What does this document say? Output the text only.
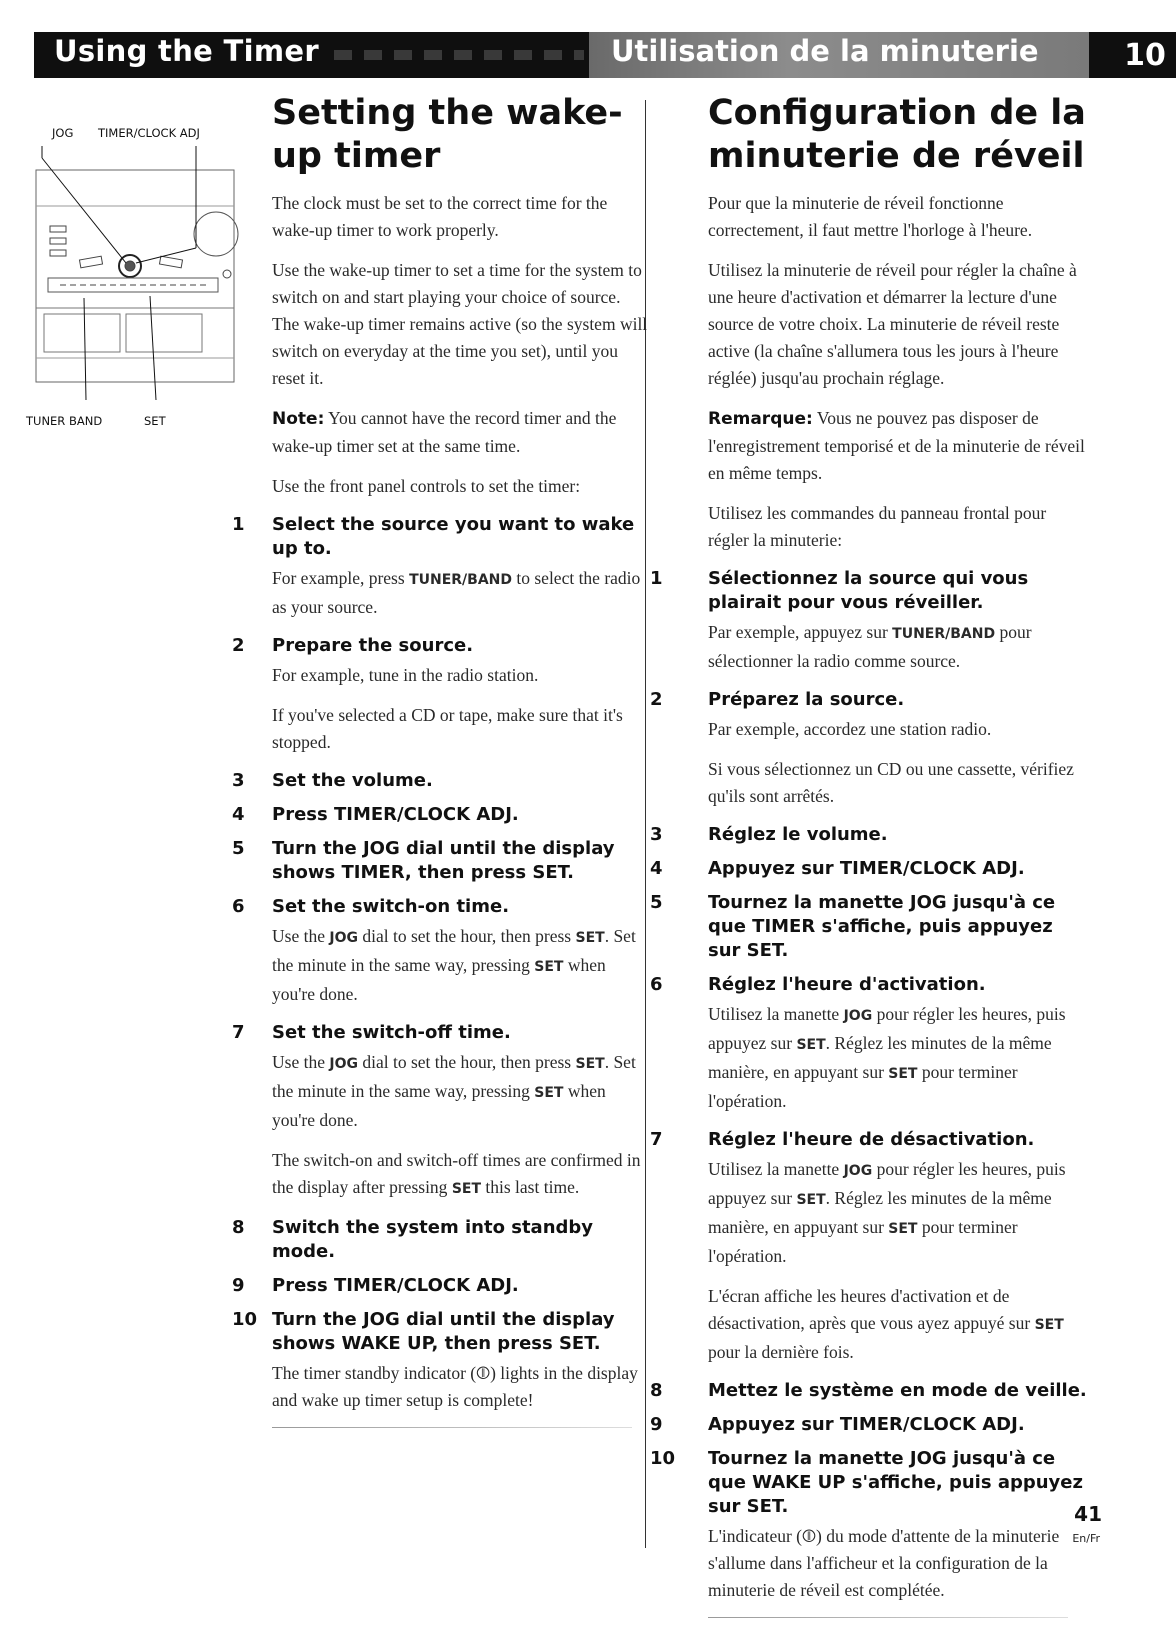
Using the Timer	Utilisation de la minuterie	10
JOG TIMER/CLOCK ADJ
TUNER BAND	SET
Setting the wake-up timer

The clock must be set to the correct time for the wake-up timer to work properly.

Use the wake-up timer to set a time for the system to switch on and start playing your choice of source. The wake-up timer remains active (so the system will switch on everyday at the time you set), until you reset it.

Note: You cannot have the record timer and the wake-up timer set at the same time.

Use the front panel controls to set the timer:

1	Select the source you want to wake up to.

For example, press TUNER/BAND to select the radio as your source.

2	Prepare the source.

For example, tune in the radio station.

If you've selected a CD or tape, make sure that it's stopped.

3	Set the volume.
4	Press TIMER/CLOCK ADJ.
5	Turn the JOG dial until the display shows TIMER, then press SET.
6	Set the switch-on time.

Use the JOG dial to set the hour, then press SET. Set the minute in the same way, pressing SET when you're done.

7	Set the switch-off time.

Use the JOG dial to set the hour, then press SET. Set the minute in the same way, pressing SET when you're done.

The switch-on and switch-off times are confirmed in the display after pressing SET this last time.

8	Switch the system into standby mode.
9	Press TIMER/CLOCK ADJ.
10 Turn the JOG dial until the display shows WAKE UP, then press SET.

The timer standby indicator (⦷) lights in the display and wake up timer setup is complete!

Configuration de la minuterie de réveil

Pour que la minuterie de réveil fonctionne correctement, il faut mettre l'horloge à l'heure.

Utilisez la minuterie de réveil pour régler la chaîne à une heure d'activation et démarrer la lecture d'une source de votre choix. La minuterie de réveil reste active (la chaîne s'allumera tous les jours à l'heure réglée) jusqu'au prochain réglage.

Remarque: Vous ne pouvez pas disposer de l'enregistrement temporisé et de la minuterie de réveil en même temps.

Utilisez les commandes du panneau frontal pour régler la minuterie:

1	Sélectionnez la source qui vous plairait pour vous réveiller.

Par exemple, appuyez sur TUNER/BAND pour sélectionner la radio comme source.

2	Préparez la source.

Par exemple, accordez une station radio.

Si vous sélectionnez un CD ou une cassette, vérifiez qu'ils sont arrêtés.

3	Réglez le volume.
4	Appuyez sur TIMER/CLOCK ADJ.
5	Tournez la manette JOG jusqu'à ce que TIMER s'affiche, puis appuyez sur SET.
6	Réglez l'heure d'activation.

Utilisez la manette JOG pour régler les heures, puis appuyez sur SET. Réglez les minutes de la même manière, en appuyant sur SET pour terminer l'opération.

7	Réglez l'heure de désactivation.

Utilisez la manette JOG pour régler les heures, puis appuyez sur SET. Réglez les minutes de la même manière, en appuyant sur SET pour terminer l'opération.

L'écran affiche les heures d'activation et de désactivation, après que vous ayez appuyé sur SET pour la dernière fois.

8	Mettez le système en mode de veille.
9	Appuyez sur TIMER/CLOCK ADJ.
10 Tournez la manette JOG jusqu'à ce que WAKE UP s'affiche, puis appuyez sur SET.

L'indicateur (⦷) du mode d'attente de la minuterie s'allume dans l'afficheur et la configuration de la minuterie de réveil est complétée.

41
En/Fr
